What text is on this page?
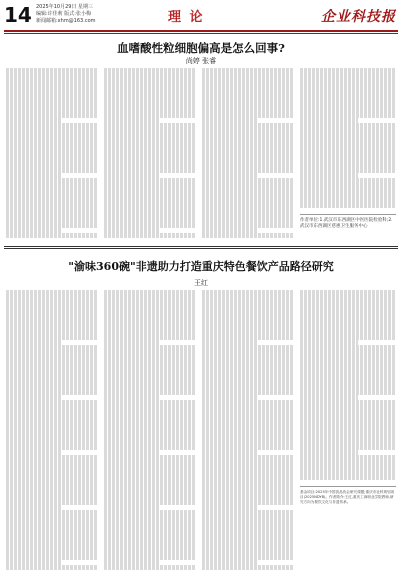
14 2025年10月29日 星期三
编辑:许佳莉 版式:张小梅
新闻邮箱:xhm@163.com	理 论	企业科技报
血嗜酸性粒细胞偏高是怎么回事?
尚婷 张睿
作者单位:1.武汉市东西湖区中医医院检验科;2.武汉市东西湖区慈惠卫生服务中心
"渝味360碗"非遗助力打造重庆特色餐饮产品路径研究
王红
基金项目:2025年中国食品协会研究课题;重庆市社科规划项目(2025NDYB)。作者简介:王红,重庆工商职业学院教师,研究方向为餐饮文化与非遗传承。
